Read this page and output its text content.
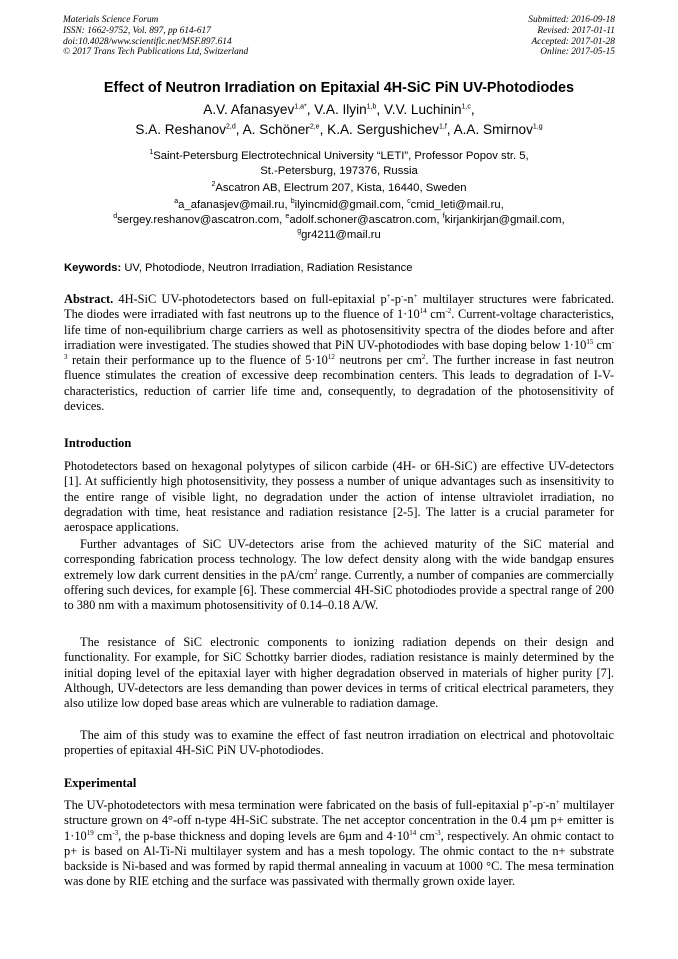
Materials Science Forum
ISSN: 1662-9752, Vol. 897, pp 614-617
doi:10.4028/www.scientific.net/MSF.897.614
© 2017 Trans Tech Publications Ltd, Switzerland
Submitted: 2016-09-18
Revised: 2017-01-11
Accepted: 2017-01-28
Online: 2017-05-15
Effect of Neutron Irradiation on Epitaxial 4H-SiC PiN UV-Photodiodes
A.V. Afanasyev$^{1,a*}$, V.A. Ilyin$^{1,b}$, V.V. Luchinin$^{1,c}$,
S.A. Reshanov$^{2,d}$, A. Schöner$^{2,e}$, K.A. Sergushichev$^{1,f}$, A.A. Smirnov$^{1,g}$
$^1$Saint-Petersburg Electrotechnical University “LETI”, Professor Popov str. 5,
St.-Petersburg, 197376, Russia
$^2$Ascatron AB, Electrum 207, Kista, 16440, Sweden
$^a$a_afanasjev@mail.ru, $^b$ilyincmid@gmail.com, $^c$cmid_leti@mail.ru,
$^d$sergey.reshanov@ascatron.com, $^e$adolf.schoner@ascatron.com, $^f$kirjankirjan@gmail.com,
$^g$gr4211@mail.ru
Keywords: UV, Photodiode, Neutron Irradiation, Radiation Resistance
Abstract. 4H-SiC UV-photodetectors based on full-epitaxial p+-p--n+ multilayer structures were fabricated. The diodes were irradiated with fast neutrons up to the fluence of $1\cdot 10^{14}$ $cm^{-2}$. Current-voltage characteristics, life time of non-equilibrium charge carriers as well as photosensitivity spectra of the diodes before and after irradiation were investigated. The studies showed that PiN UV-photodiodes with base doping below $1\cdot 10^{15}$ $cm^{-3}$ retain their performance up to the fluence of $5\cdot 10^{12}$ neutrons per $cm^2$. The further increase in fast neutron fluence stimulates the creation of excessive deep recombination centers. This leads to degradation of I-V-characteristics, reduction of carrier life time and, consequently, to degradation of the photosensitivity of devices.
Introduction
Photodetectors based on hexagonal polytypes of silicon carbide (4H- or 6H-SiC) are effective UV-detectors [1]. At sufficiently high photosensitivity, they possess a number of unique advantages such as insensitivity to the entire range of visible light, no degradation under the action of intense ultraviolet irradiation, no degradation with time, heat resistance and radiation resistance [2-5]. The latter is a crucial parameter for aerospace applications.
Further advantages of SiC UV-detectors arise from the achieved maturity of the SiC material and corresponding fabrication process technology. The low defect density along with the wide bandgap ensures extremely low dark current densities in the $pA/cm^2$ range. Currently, a number of companies are commercially offering such devices, for example [6]. These commercial 4H-SiC photodiodes provide a spectral range of 200 to 380 nm with a maximum photosensitivity of 0.14–0.18 A/W.
The resistance of SiC electronic components to ionizing radiation depends on their design and functionality. For example, for SiC Schottky barrier diodes, radiation resistance is mainly determined by the initial doping level of the epitaxial layer with higher degradation observed in materials of higher purity [7]. Although, UV-detectors are less demanding than power devices in terms of critical electrical parameters, they also utilize low doped base areas which are vulnerable to radiation damage.
The aim of this study was to examine the effect of fast neutron irradiation on electrical and photovoltaic properties of epitaxial 4H-SiC PiN UV-photodiodes.
Experimental
The UV-photodetectors with mesa termination were fabricated on the basis of full-epitaxial p+-p--n+ multilayer structure grown on 4°-off n-type 4H-SiC substrate. The net acceptor concentration in the 0.4 µm p+ emitter is $1\cdot 10^{19}$ $cm^{-3}$, the p-base thickness and doping levels are 6µm and $4\cdot 10^{14}$ $cm^{-3}$, respectively. An ohmic contact to p+ is based on Al-Ti-Ni multilayer system and has a mesh topology. The ohmic contact to the n+ substrate backside is Ni-based and was formed by rapid thermal annealing in vacuum at 1000 °C. The mesa termination was done by RIE etching and the surface was passivated with thermally grown oxide layer.
